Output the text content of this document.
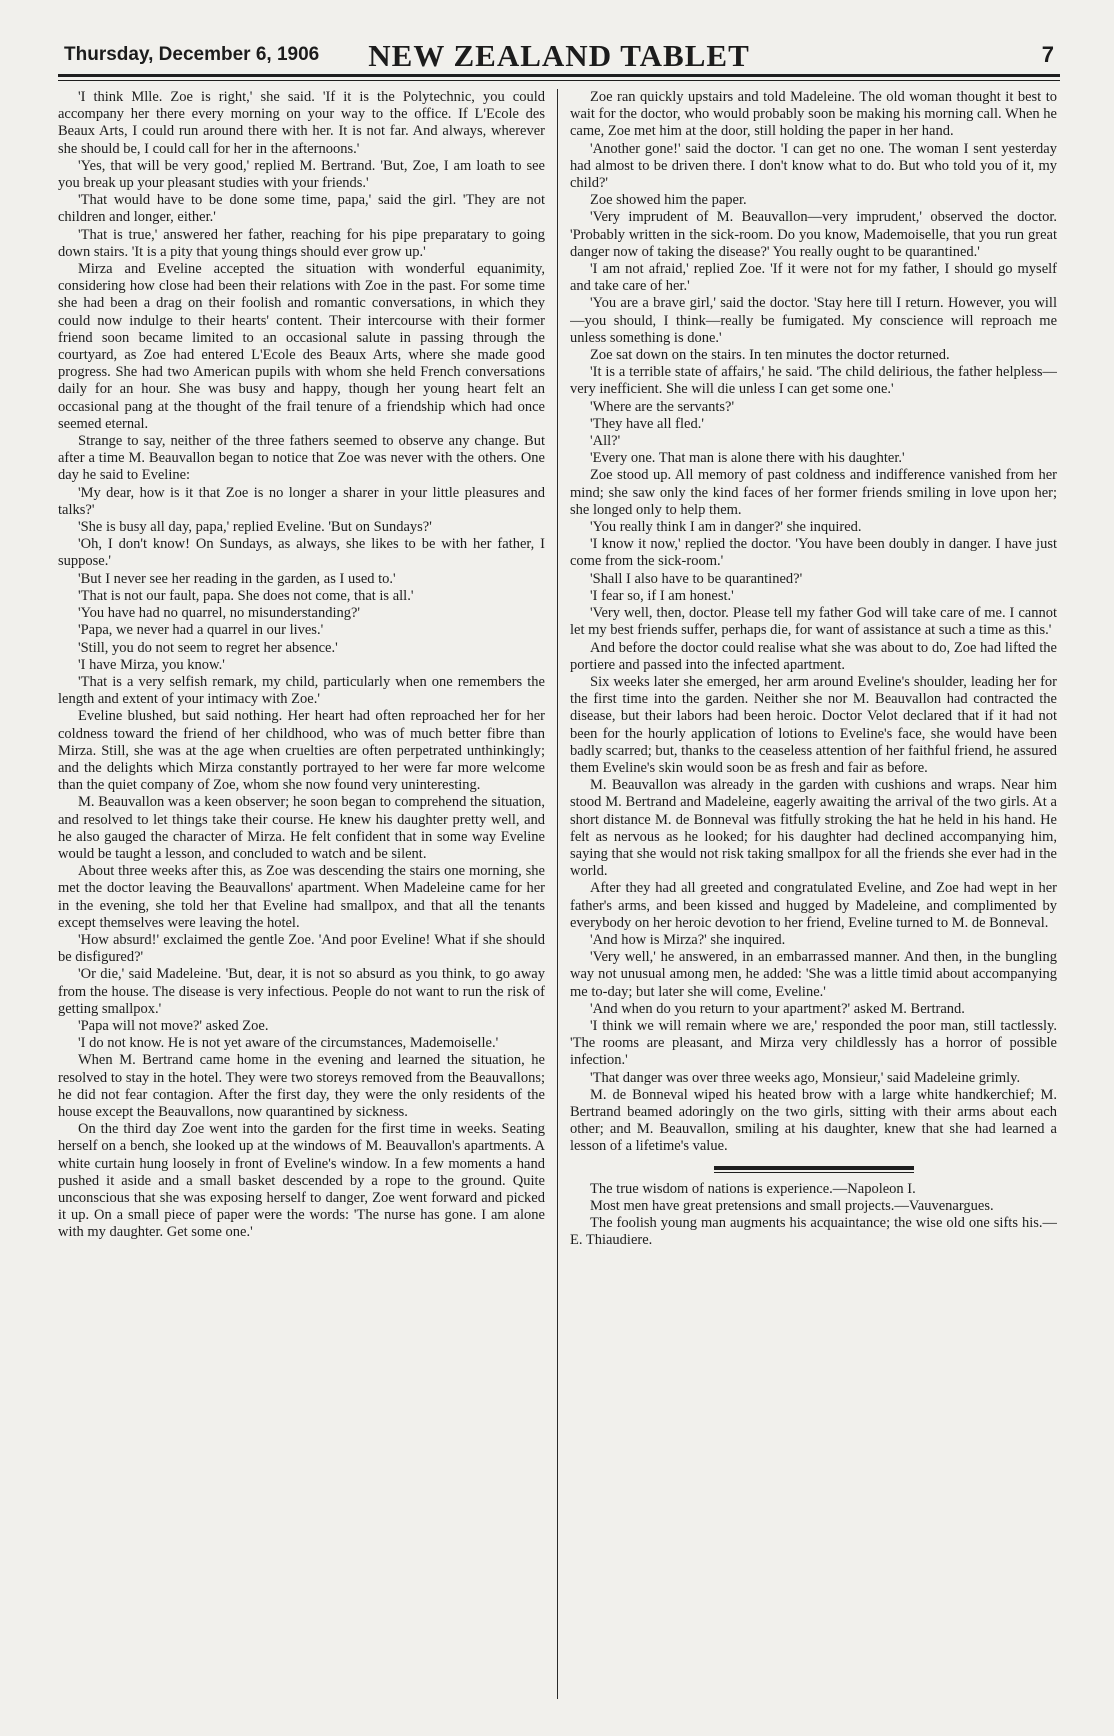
Thursday, December 6, 1906	NEW ZEALAND TABLET	7

'I think Mlle. Zoe is right,' she said. 'If it is the Polytechnic, you could accompany her there every morning on your way to the office. If L'Ecole des Beaux Arts, I could run around there with her. It is not far. And always, wherever she should be, I could call for her in the afternoons.'

'Yes, that will be very good,' replied M. Bertrand. 'But, Zoe, I am loath to see you break up your pleasant studies with your friends.'

'That would have to be done some time, papa,' said the girl. 'They are not children and longer, either.'

'That is true,' answered her father, reaching for his pipe preparatary to going down stairs. 'It is a pity that young things should ever grow up.'

Mirza and Eveline accepted the situation with wonderful equanimity, considering how close had been their relations with Zoe in the past. For some time she had been a drag on their foolish and romantic conversations, in which they could now indulge to their hearts' content. Their intercourse with their former friend soon became limited to an occasional salute in passing through the courtyard, as Zoe had entered L'Ecole des Beaux Arts, where she made good progress. She had two American pupils with whom she held French conversations daily for an hour. She was busy and happy, though her young heart felt an occasional pang at the thought of the frail tenure of a friendship which had once seemed eternal.

Strange to say, neither of the three fathers seemed to observe any change. But after a time M. Beauvallon began to notice that Zoe was never with the others. One day he said to Eveline:

'My dear, how is it that Zoe is no longer a sharer in your little pleasures and talks?'

'She is busy all day, papa,' replied Eveline. 'But on Sundays?'

'Oh, I don't know! On Sundays, as always, she likes to be with her father, I suppose.'

'But I never see her reading in the garden, as I used to.'

'That is not our fault, papa. She does not come, that is all.'

'You have had no quarrel, no misunderstanding?'

'Papa, we never had a quarrel in our lives.'

'Still, you do not seem to regret her absence.'

'I have Mirza, you know.'

'That is a very selfish remark, my child, particularly when one remembers the length and extent of your intimacy with Zoe.'

Eveline blushed, but said nothing. Her heart had often reproached her for her coldness toward the friend of her childhood, who was of much better fibre than Mirza. Still, she was at the age when cruelties are often perpetrated unthinkingly; and the delights which Mirza constantly portrayed to her were far more welcome than the quiet company of Zoe, whom she now found very uninteresting.

M. Beauvallon was a keen observer; he soon began to comprehend the situation, and resolved to let things take their course. He knew his daughter pretty well, and he also gauged the character of Mirza. He felt confident that in some way Eveline would be taught a lesson, and concluded to watch and be silent.

About three weeks after this, as Zoe was descending the stairs one morning, she met the doctor leaving the Beauvallons' apartment. When Madeleine came for her in the evening, she told her that Eveline had smallpox, and that all the tenants except themselves were leaving the hotel.

'How absurd!' exclaimed the gentle Zoe. 'And poor Eveline! What if she should be disfigured?'

'Or die,' said Madeleine. 'But, dear, it is not so absurd as you think, to go away from the house. The disease is very infectious. People do not want to run the risk of getting smallpox.'

'Papa will not move?' asked Zoe.

'I do not know. He is not yet aware of the circumstances, Mademoiselle.'

When M. Bertrand came home in the evening and learned the situation, he resolved to stay in the hotel. They were two storeys removed from the Beauvallons; he did not fear contagion. After the first day, they were the only residents of the house except the Beauvallons, now quarantined by sickness.

On the third day Zoe went into the garden for the first time in weeks. Seating herself on a bench, she looked up at the windows of M. Beauvallon's apartments. A white curtain hung loosely in front of Eveline's window. In a few moments a hand pushed it aside and a small basket descended by a rope to the ground. Quite unconscious that she was exposing herself to danger, Zoe went forward and picked it up. On a small piece of paper were the words: 'The nurse has gone. I am alone with my daughter. Get some one.'

Zoe ran quickly upstairs and told Madeleine. The old woman thought it best to wait for the doctor, who would probably soon be making his morning call. When he came, Zoe met him at the door, still holding the paper in her hand.

'Another gone!' said the doctor. 'I can get no one. The woman I sent yesterday had almost to be driven there. I don't know what to do. But who told you of it, my child?'

Zoe showed him the paper.

'Very imprudent of M. Beauvallon—very imprudent,' observed the doctor. 'Probably written in the sick-room. Do you know, Mademoiselle, that you run great danger now of taking the disease?' You really ought to be quarantined.'

'I am not afraid,' replied Zoe. 'If it were not for my father, I should go myself and take care of her.'

'You are a brave girl,' said the doctor. 'Stay here till I return. However, you will—you should, I think—really be fumigated. My conscience will reproach me unless something is done.'

Zoe sat down on the stairs. In ten minutes the doctor returned.

'It is a terrible state of affairs,' he said. 'The child delirious, the father helpless—very inefficient. She will die unless I can get some one.'

'Where are the servants?'

'They have all fled.'

'All?'

'Every one. That man is alone there with his daughter.'

Zoe stood up. All memory of past coldness and indifference vanished from her mind; she saw only the kind faces of her former friends smiling in love upon her; she longed only to help them.

'You really think I am in danger?' she inquired.

'I know it now,' replied the doctor. 'You have been doubly in danger. I have just come from the sick-room.'

'Shall I also have to be quarantined?'

'I fear so, if I am honest.'

'Very well, then, doctor. Please tell my father God will take care of me. I cannot let my best friends suffer, perhaps die, for want of assistance at such a time as this.'

And before the doctor could realise what she was about to do, Zoe had lifted the portiere and passed into the infected apartment.

Six weeks later she emerged, her arm around Eveline's shoulder, leading her for the first time into the garden. Neither she nor M. Beauvallon had contracted the disease, but their labors had been heroic. Doctor Velot declared that if it had not been for the hourly application of lotions to Eveline's face, she would have been badly scarred; but, thanks to the ceaseless attention of her faithful friend, he assured them Eveline's skin would soon be as fresh and fair as before.

M. Beauvallon was already in the garden with cushions and wraps. Near him stood M. Bertrand and Madeleine, eagerly awaiting the arrival of the two girls. At a short distance M. de Bonneval was fitfully stroking the hat he held in his hand. He felt as nervous as he looked; for his daughter had declined accompanying him, saying that she would not risk taking smallpox for all the friends she ever had in the world.

After they had all greeted and congratulated Eveline, and Zoe had wept in her father's arms, and been kissed and hugged by Madeleine, and complimented by everybody on her heroic devotion to her friend, Eveline turned to M. de Bonneval.

'And how is Mirza?' she inquired.

'Very well,' he answered, in an embarrassed manner. And then, in the bungling way not unusual among men, he added: 'She was a little timid about accompanying me to-day; but later she will come, Eveline.'

'And when do you return to your apartment?' asked M. Bertrand.

'I think we will remain where we are,' responded the poor man, still tactlessly. 'The rooms are pleasant, and Mirza very childlessly has a horror of possible infection.'

'That danger was over three weeks ago, Monsieur,' said Madeleine grimly.

M. de Bonneval wiped his heated brow with a large white handkerchief; M. Bertrand beamed adoringly on the two girls, sitting with their arms about each other; and M. Beauvallon, smiling at his daughter, knew that she had learned a lesson of a lifetime's value.

The true wisdom of nations is experience.—Napoleon I.

Most men have great pretensions and small projects.—Vauvenargues.

The foolish young man augments his acquaintance; the wise old one sifts his.—E. Thiaudiere.
